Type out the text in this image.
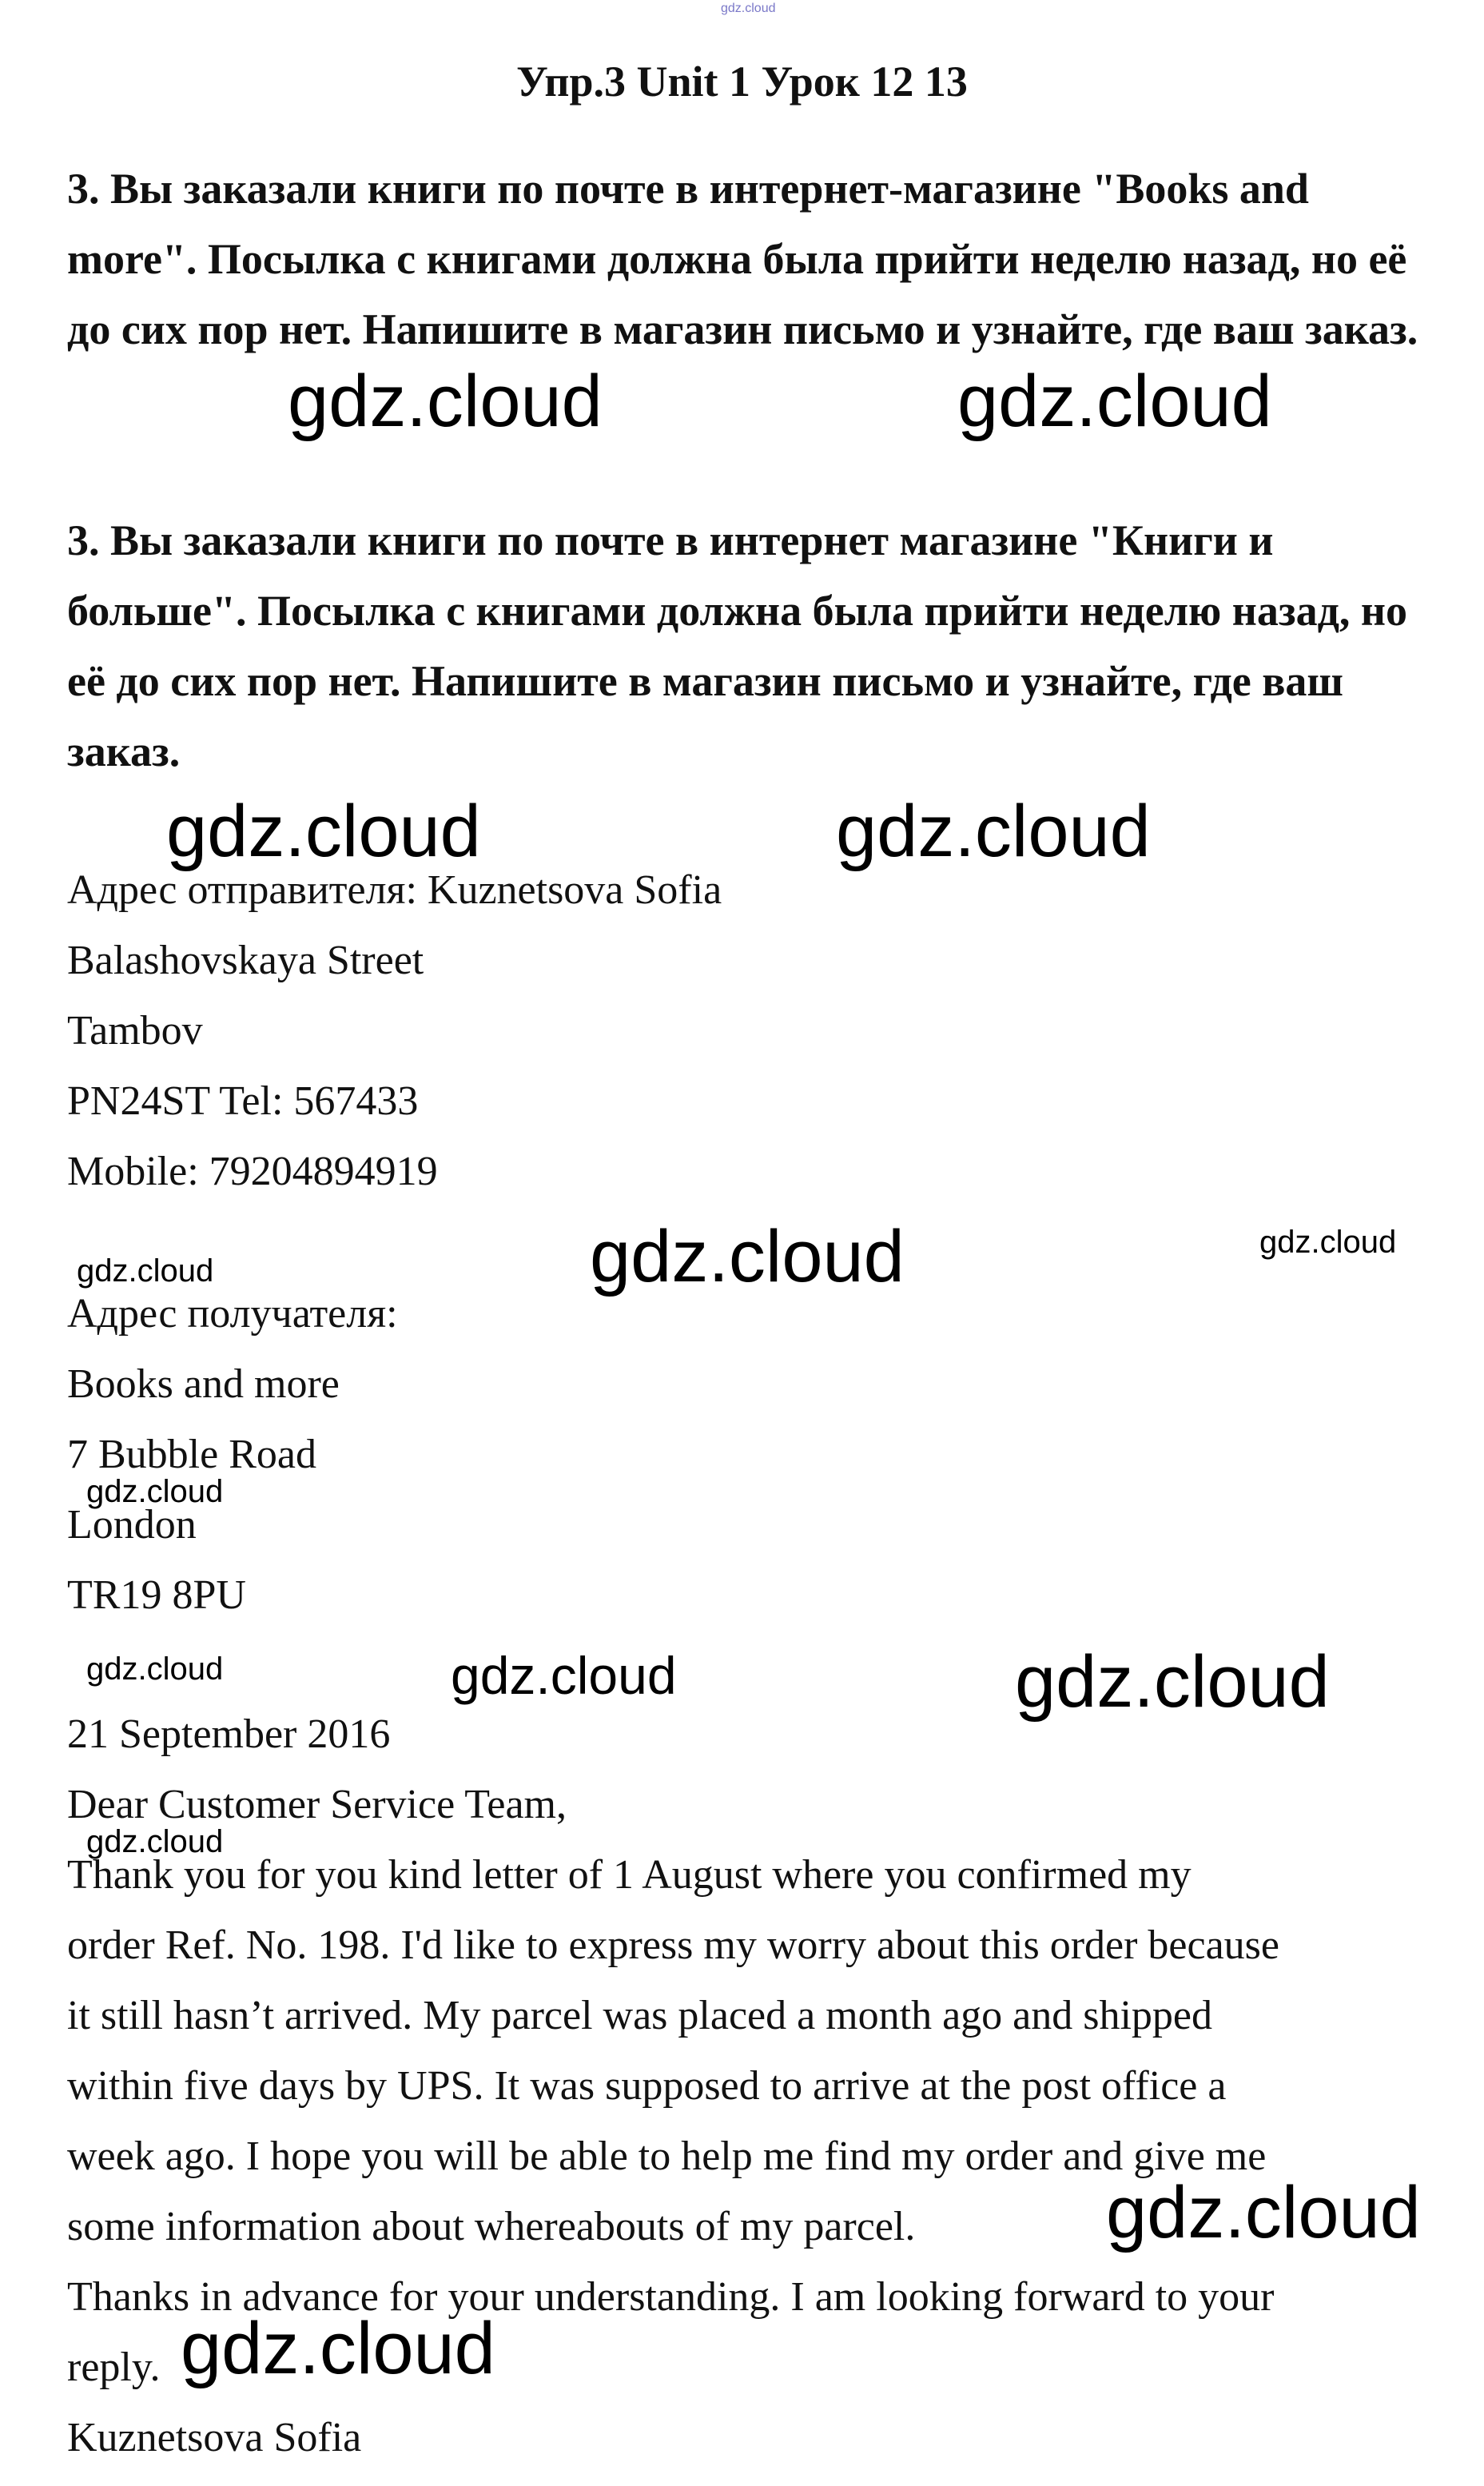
gdz.cloud
Упр.3 Unit 1 Урок 12 13

3. Вы заказали книги по почте в интернет-магазине "Books and more". Посылка с книгами должна была прийти неделю назад, но её до сих пор нет. Напишите в магазин письмо и узнайте, где ваш заказ.

3. Вы заказали книги по почте в интернет магазине "Книги и больше". Посылка с книгами должна была прийти неделю назад, но её до сих пор нет. Напишите в магазин письмо и узнайте, где ваш заказ.

Адрес отправителя: Kuznetsova Sofia
Balashovskaya Street
Tambov
PN24ST Tel: 567433
Mobile: 79204894919
Адрес получателя:
Books and more
7 Bubble Road
London
TR19 8PU
21 September 2016
Dear Customer Service Team,
Thank you for you kind letter of 1 August where you confirmed my
order Ref. No. 198. I'd like to express my worry about this order because
it still hasn’t arrived. My parcel was placed a month ago and shipped
within five days by UPS. It was supposed to arrive at the post office a
week ago. I hope you will be able to help me find my order and give me
some information about whereabouts of my parcel.
Thanks in advance for your understanding. I am looking forward to your
reply.
Kuznetsova Sofia
gdz.cloud	gdz.cloud
gdz.cloud	gdz.cloud
gdz.cloud	gdz.cloud
gdz.cloud
gdz.cloud
gdz.cloud	gdz.cloud	gdz.cloud
gdz.cloud
gdz.cloud
gdz.cloud
